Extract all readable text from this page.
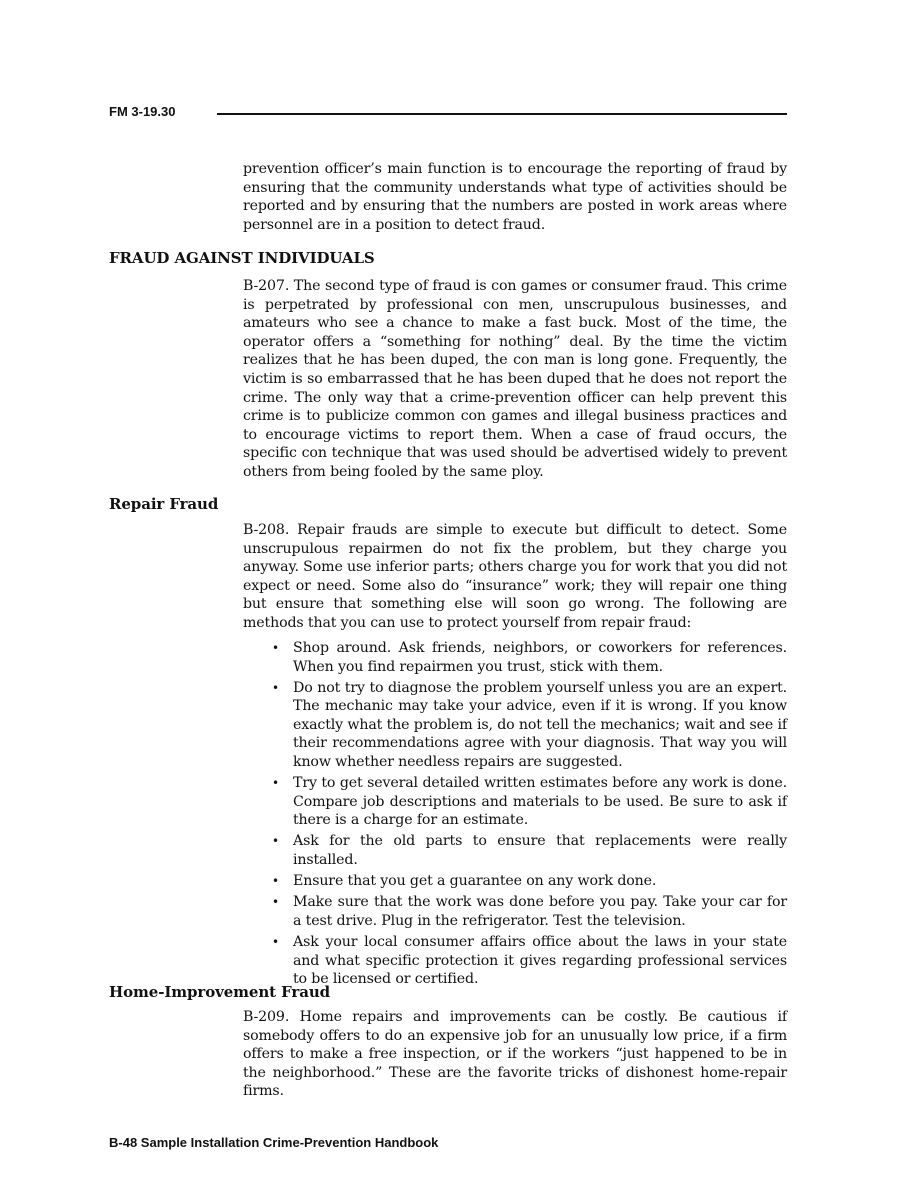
FM 3-19.30

prevention officer’s main function is to encourage the reporting of fraud by ensuring that the community understands what type of activities should be reported and by ensuring that the numbers are posted in work areas where personnel are in a position to detect fraud.

FRAUD AGAINST INDIVIDUALS

B-207. The second type of fraud is con games or consumer fraud. This crime is perpetrated by professional con men, unscrupulous businesses, and amateurs who see a chance to make a fast buck. Most of the time, the operator offers a “something for nothing” deal. By the time the victim realizes that he has been duped, the con man is long gone. Frequently, the victim is so embarrassed that he has been duped that he does not report the crime. The only way that a crime-prevention officer can help prevent this crime is to publicize common con games and illegal business practices and to encourage victims to report them. When a case of fraud occurs, the specific con technique that was used should be advertised widely to prevent others from being fooled by the same ploy.

Repair Fraud

B-208. Repair frauds are simple to execute but difficult to detect. Some unscrupulous repairmen do not fix the problem, but they charge you anyway. Some use inferior parts; others charge you for work that you did not expect or need. Some also do “insurance” work; they will repair one thing but ensure that something else will soon go wrong. The following are methods that you can use to protect yourself from repair fraud:

• Shop around. Ask friends, neighbors, or coworkers for references. When you find repairmen you trust, stick with them.
• Do not try to diagnose the problem yourself unless you are an expert. The mechanic may take your advice, even if it is wrong. If you know exactly what the problem is, do not tell the mechanics; wait and see if their recommendations agree with your diagnosis. That way you will know whether needless repairs are suggested.
• Try to get several detailed written estimates before any work is done. Compare job descriptions and materials to be used. Be sure to ask if there is a charge for an estimate.
• Ask for the old parts to ensure that replacements were really installed.
• Ensure that you get a guarantee on any work done.
• Make sure that the work was done before you pay. Take your car for a test drive. Plug in the refrigerator. Test the television.
• Ask your local consumer affairs office about the laws in your state and what specific protection it gives regarding professional services to be licensed or certified.
Home-Improvement Fraud

B-209. Home repairs and improvements can be costly. Be cautious if somebody offers to do an expensive job for an unusually low price, if a firm offers to make a free inspection, or if the workers “just happened to be in the neighborhood.” These are the favorite tricks of dishonest home-repair firms.

B-48 Sample Installation Crime-Prevention Handbook
